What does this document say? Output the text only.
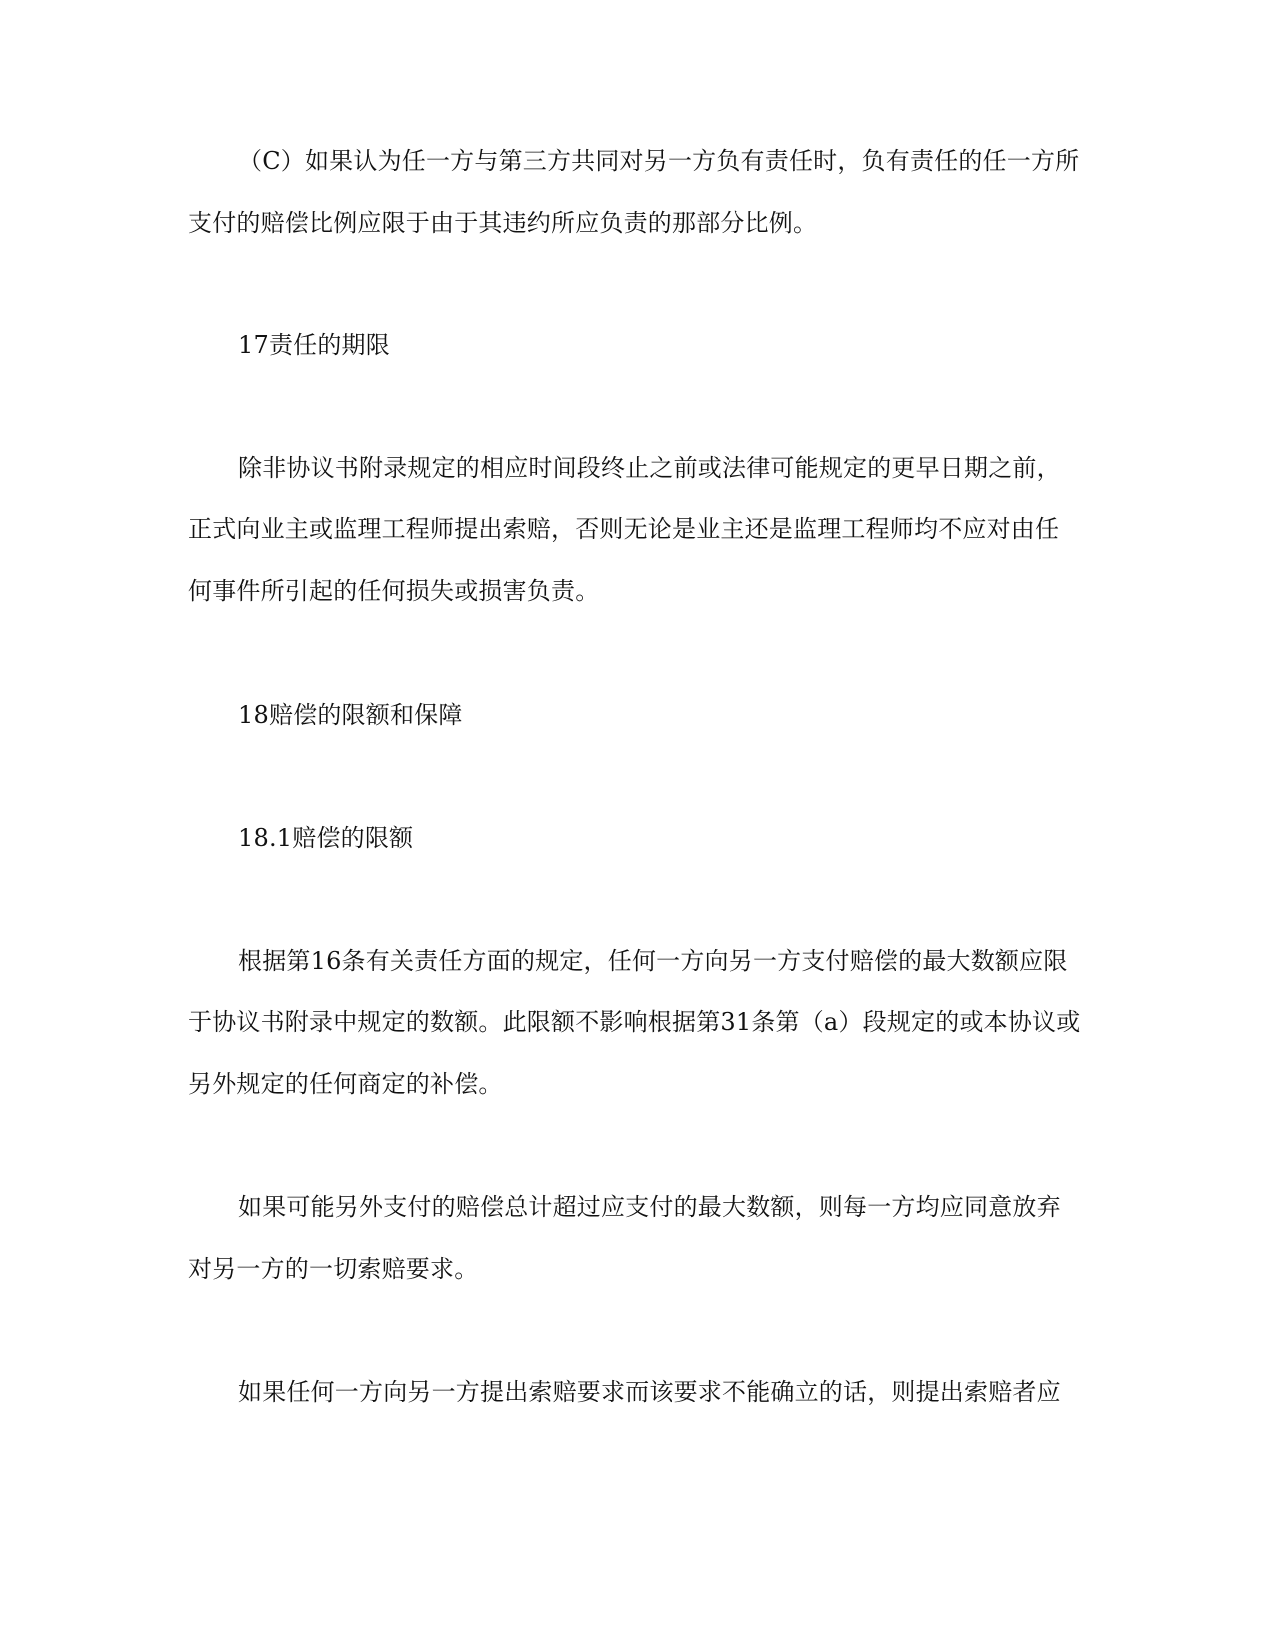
（C）如果认为任一方与第三方共同对另一方负有责任时，负有责任的任一方所
支付的赔偿比例应限于由于其违约所应负责的那部分比例。
17责任的期限
除非协议书附录规定的相应时间段终止之前或法律可能规定的更早日期之前，
正式向业主或监理工程师提出索赔，否则无论是业主还是监理工程师均不应对由任
何事件所引起的任何损失或损害负责。
18赔偿的限额和保障
18.1赔偿的限额
根据第16条有关责任方面的规定，任何一方向另一方支付赔偿的最大数额应限
于协议书附录中规定的数额。此限额不影响根据第31条第（a）段规定的或本协议或
另外规定的任何商定的补偿。
如果可能另外支付的赔偿总计超过应支付的最大数额，则每一方均应同意放弃
对另一方的一切索赔要求。
如果任何一方向另一方提出索赔要求而该要求不能确立的话，则提出索赔者应
